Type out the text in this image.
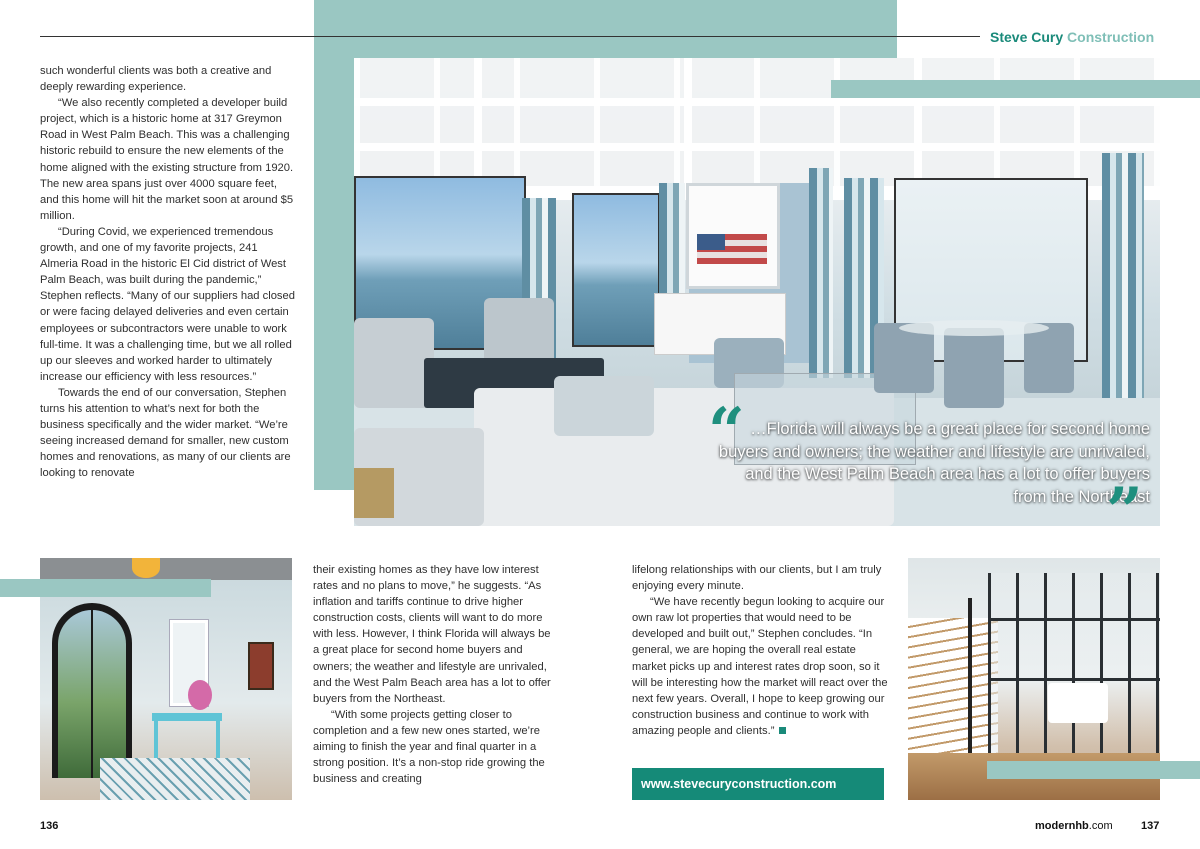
Steve Cury Construction

such wonderful clients was both a creative and deeply rewarding experience.

“We also recently completed a developer build project, which is a historic home at 317 Greymon Road in West Palm Beach. This was a challenging historic rebuild to ensure the new elements of the home aligned with the existing structure from 1920. The new area spans just over 4000 square feet, and this home will hit the market soon at around $5 million.

“During Covid, we experienced tremendous growth, and one of my favorite projects, 241 Almeria Road in the historic El Cid district of West Palm Beach, was built during the pandemic,” Stephen reflects. “Many of our suppliers had closed or were facing delayed deliveries and even certain employees or subcontractors were unable to work full-time. It was a challenging time, but we all rolled up our sleeves and worked harder to ultimately increase our efficiency with less resources.”

Towards the end of our conversation, Stephen turns his attention to what’s next for both the business specifically and the wider market. “We’re seeing increased demand for smaller, new custom homes and renovations, as many of our clients are looking to renovate

“ …Florida will always be a great place for second home buyers and owners; the weather and lifestyle are unrivaled, and the West Palm Beach area has a lot to offer buyers from the Northeast
”

their existing homes as they have low interest rates and no plans to move,” he suggests. “As inflation and tariffs continue to drive higher construction costs, clients will want to do more with less. However, I think Florida will always be a great place for second home buyers and owners; the weather and lifestyle are unrivaled, and the West Palm Beach area has a lot to offer buyers from the Northeast.

“With some projects getting closer to completion and a few new ones started, we’re aiming to finish the year and final quarter in a strong position. It’s a non-stop ride growing the business and creating

lifelong relationships with our clients, but I am truly enjoying every minute.

“We have recently begun looking to acquire our own raw lot properties that would need to be developed and built out,” Stephen concludes. “In general, we are hoping the overall real estate market picks up and interest rates drop soon, so it will be interesting how the market will react over the next few years. Overall, I hope to keep growing our construction business and continue to work with amazing people and clients.”

www.stevecuryconstruction.com
136	modernhb.com	137
